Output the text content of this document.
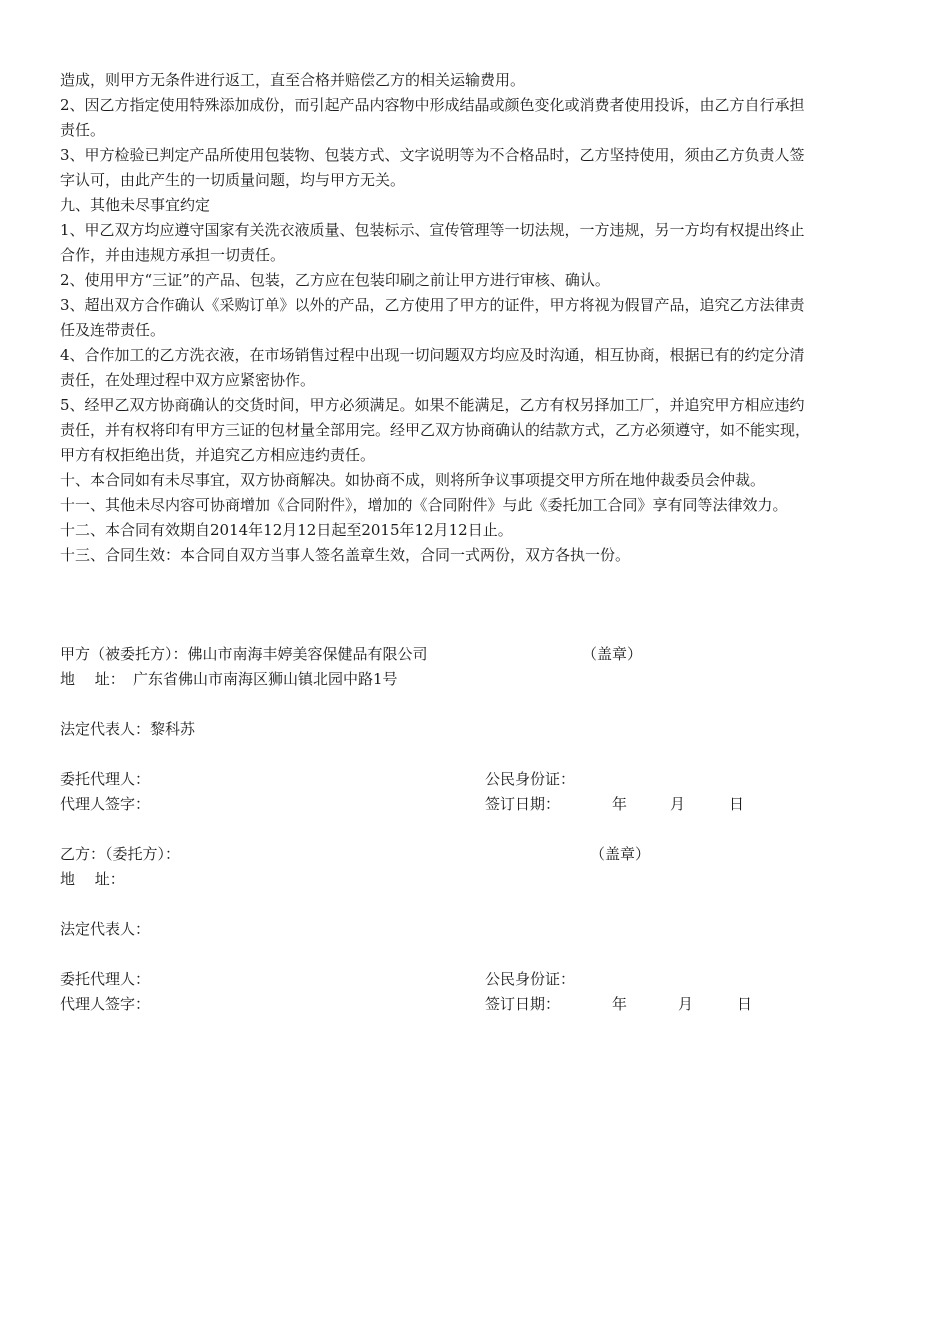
造成，则甲方无条件进行返工，直至合格并赔偿乙方的相关运输费用。
2、因乙方指定使用特殊添加成份，而引起产品内容物中形成结晶或颜色变化或消费者使用投诉，由乙方自行承担
责任。
3、甲方检验已判定产品所使用包装物、包装方式、文字说明等为不合格品时，乙方坚持使用，须由乙方负责人签
字认可，由此产生的一切质量问题，均与甲方无关。
九、其他未尽事宜约定
1、甲乙双方均应遵守国家有关洗衣液质量、包装标示、宣传管理等一切法规，一方违规，另一方均有权提出终止
合作，并由违规方承担一切责任。
2、使用甲方“三证”的产品、包装，乙方应在包装印刷之前让甲方进行审核、确认。
3、超出双方合作确认《采购订单》以外的产品，乙方使用了甲方的证件，甲方将视为假冒产品，追究乙方法律责
任及连带责任。
4、合作加工的乙方洗衣液，在市场销售过程中出现一切问题双方均应及时沟通，相互协商，根据已有的约定分清
责任，在处理过程中双方应紧密协作。
5、经甲乙双方协商确认的交货时间，甲方必须满足。如果不能满足，乙方有权另择加工厂，并追究甲方相应违约
责任，并有权将印有甲方三证的包材量全部用完。经甲乙双方协商确认的结款方式，乙方必须遵守，如不能实现，
甲方有权拒绝出货，并追究乙方相应违约责任。
十、本合同如有未尽事宜，双方协商解决。如协商不成，则将所争议事项提交甲方所在地仲裁委员会仲裁。
十一、其他未尽内容可协商增加《合同附件》，增加的《合同附件》与此《委托加工合同》享有同等法律效力。
十二、本合同有效期自2014年12月12日起至2015年12月12日止。
十三、合同生效：本合同自双方当事人签名盖章生效，合同一式两份，双方各执一份。
甲方（被委托方）：佛山市南海丰婷美容保健品有限公司	（盖章）
地　 址： 广东省佛山市南海区狮山镇北园中路1号
法定代表人：黎科苏
委托代理人：	公民身份证：
代理人签字：	签订日期：	年	月	日
乙方：（委托方）：	（盖章）
地　 址：
法定代表人：
委托代理人：	公民身份证：
代理人签字：	签订日期：	年	月	日
